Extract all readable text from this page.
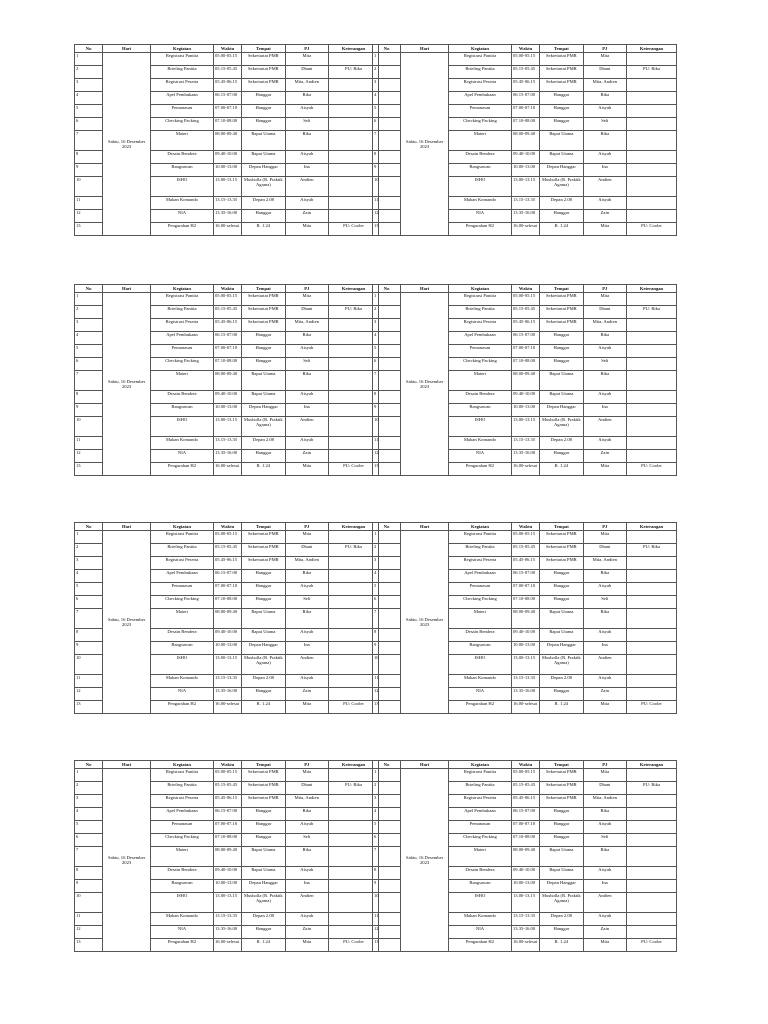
No	Hari	Kegiatan	Waktu	Tempat	PJ	Keterangan
1	Sabtu, 16 Desember 2023	Registrasi Panitia	05.00-05.15	Sekretariat PMR	Mita	
2		Briefing Panitia	05.15-05.45	Sekretariat PMR	Dhani	PU: Rika
3		Registrasi Peserta	05.45-06.15	Sekretariat PMR	Mita, Andien	
4		Apel Pembukaan	06.15-07.00	Hanggar	Rika	
5		Pemanasan	07.00-07.10	Hanggar	Aisyah	
6		Checking Packing	07.10-08.00	Hanggar	Seli	
7		Materi	08.00-09.40	Rapat Utama	Rika	
8		Desain Bendera	09.40-10.00	Rapat Utama	Aisyah	
9		Bangsawan	10.00-13.00	Depan Hanggar	Ina	
10		ISHO	13.00-13.15	Musholla (R. Praktik Agama)	Andien	
11		Makan Komando	13.15-13.35	Depan 2.08	Aisyah	
12		NIA	13.35-16.00	Hanggar	Zain	
13		Pengarahan H2	16.00-selesai	R. 1.24	Mita	PU: Cooler
No	Hari	Kegiatan	Waktu	Tempat	PJ	Keterangan
1	Sabtu, 16 Desember 2023	Registrasi Panitia	05.00-05.15	Sekretariat PMR	Mita	
2		Briefing Panitia	05.15-05.45	Sekretariat PMR	Dhani	PU: Rika
3		Registrasi Peserta	05.45-06.15	Sekretariat PMR	Mita, Andien	
4		Apel Pembukaan	06.15-07.00	Hanggar	Rika	
5		Pemanasan	07.00-07.10	Hanggar	Aisyah	
6		Checking Packing	07.10-08.00	Hanggar	Seli	
7		Materi	08.00-09.40	Rapat Utama	Rika	
8		Desain Bendera	09.40-10.00	Rapat Utama	Aisyah	
9		Bangsawan	10.00-13.00	Depan Hanggar	Ina	
10		ISHO	13.00-13.15	Musholla (R. Praktik Agama)	Andien	
11		Makan Komando	13.15-13.35	Depan 2.08	Aisyah	
12		NIA	13.35-16.00	Hanggar	Zain	
13		Pengarahan H2	16.00-selesai	R. 1.24	Mita	PU: Cooler
No	Hari	Kegiatan	Waktu	Tempat	PJ	Keterangan
1	Sabtu, 16 Desember 2023	Registrasi Panitia	05.00-05.15	Sekretariat PMR	Mita	
2		Briefing Panitia	05.15-05.45	Sekretariat PMR	Dhani	PU: Rika
3		Registrasi Peserta	05.45-06.15	Sekretariat PMR	Mita, Andien	
4		Apel Pembukaan	06.15-07.00	Hanggar	Rika	
5		Pemanasan	07.00-07.10	Hanggar	Aisyah	
6		Checking Packing	07.10-08.00	Hanggar	Seli	
7		Materi	08.00-09.40	Rapat Utama	Rika	
8		Desain Bendera	09.40-10.00	Rapat Utama	Aisyah	
9		Bangsawan	10.00-13.00	Depan Hanggar	Ina	
10		ISHO	13.00-13.15	Musholla (R. Praktik Agama)	Andien	
11		Makan Komando	13.15-13.35	Depan 2.08	Aisyah	
12		NIA	13.35-16.00	Hanggar	Zain	
13		Pengarahan H2	16.00-selesai	R. 1.24	Mita	PU: Cooler
No	Hari	Kegiatan	Waktu	Tempat	PJ	Keterangan
1	Sabtu, 16 Desember 2023	Registrasi Panitia	05.00-05.15	Sekretariat PMR	Mita	
2		Briefing Panitia	05.15-05.45	Sekretariat PMR	Dhani	PU: Rika
3		Registrasi Peserta	05.45-06.15	Sekretariat PMR	Mita, Andien	
4		Apel Pembukaan	06.15-07.00	Hanggar	Rika	
5		Pemanasan	07.00-07.10	Hanggar	Aisyah	
6		Checking Packing	07.10-08.00	Hanggar	Seli	
7		Materi	08.00-09.40	Rapat Utama	Rika	
8		Desain Bendera	09.40-10.00	Rapat Utama	Aisyah	
9		Bangsawan	10.00-13.00	Depan Hanggar	Ina	
10		ISHO	13.00-13.15	Musholla (R. Praktik Agama)	Andien	
11		Makan Komando	13.15-13.35	Depan 2.08	Aisyah	
12		NIA	13.35-16.00	Hanggar	Zain	
13		Pengarahan H2	16.00-selesai	R. 1.24	Mita	PU: Cooler
No	Hari	Kegiatan	Waktu	Tempat	PJ	Keterangan
1	Sabtu, 16 Desember 2023	Registrasi Panitia	05.00-05.15	Sekretariat PMR	Mita	
2		Briefing Panitia	05.15-05.45	Sekretariat PMR	Dhani	PU: Rika
3		Registrasi Peserta	05.45-06.15	Sekretariat PMR	Mita, Andien	
4		Apel Pembukaan	06.15-07.00	Hanggar	Rika	
5		Pemanasan	07.00-07.10	Hanggar	Aisyah	
6		Checking Packing	07.10-08.00	Hanggar	Seli	
7		Materi	08.00-09.40	Rapat Utama	Rika	
8		Desain Bendera	09.40-10.00	Rapat Utama	Aisyah	
9		Bangsawan	10.00-13.00	Depan Hanggar	Ina	
10		ISHO	13.00-13.15	Musholla (R. Praktik Agama)	Andien	
11		Makan Komando	13.15-13.35	Depan 2.08	Aisyah	
12		NIA	13.35-16.00	Hanggar	Zain	
13		Pengarahan H2	16.00-selesai	R. 1.24	Mita	PU: Cooler
No	Hari	Kegiatan	Waktu	Tempat	PJ	Keterangan
1	Sabtu, 16 Desember 2023	Registrasi Panitia	05.00-05.15	Sekretariat PMR	Mita	
2		Briefing Panitia	05.15-05.45	Sekretariat PMR	Dhani	PU: Rika
3		Registrasi Peserta	05.45-06.15	Sekretariat PMR	Mita, Andien	
4		Apel Pembukaan	06.15-07.00	Hanggar	Rika	
5		Pemanasan	07.00-07.10	Hanggar	Aisyah	
6		Checking Packing	07.10-08.00	Hanggar	Seli	
7		Materi	08.00-09.40	Rapat Utama	Rika	
8		Desain Bendera	09.40-10.00	Rapat Utama	Aisyah	
9		Bangsawan	10.00-13.00	Depan Hanggar	Ina	
10		ISHO	13.00-13.15	Musholla (R. Praktik Agama)	Andien	
11		Makan Komando	13.15-13.35	Depan 2.08	Aisyah	
12		NIA	13.35-16.00	Hanggar	Zain	
13		Pengarahan H2	16.00-selesai	R. 1.24	Mita	PU: Cooler
No	Hari	Kegiatan	Waktu	Tempat	PJ	Keterangan
1	Sabtu, 16 Desember 2023	Registrasi Panitia	05.00-05.15	Sekretariat PMR	Mita	
2		Briefing Panitia	05.15-05.45	Sekretariat PMR	Dhani	PU: Rika
3		Registrasi Peserta	05.45-06.15	Sekretariat PMR	Mita, Andien	
4		Apel Pembukaan	06.15-07.00	Hanggar	Rika	
5		Pemanasan	07.00-07.10	Hanggar	Aisyah	
6		Checking Packing	07.10-08.00	Hanggar	Seli	
7		Materi	08.00-09.40	Rapat Utama	Rika	
8		Desain Bendera	09.40-10.00	Rapat Utama	Aisyah	
9		Bangsawan	10.00-13.00	Depan Hanggar	Ina	
10		ISHO	13.00-13.15	Musholla (R. Praktik Agama)	Andien	
11		Makan Komando	13.15-13.35	Depan 2.08	Aisyah	
12		NIA	13.35-16.00	Hanggar	Zain	
13		Pengarahan H2	16.00-selesai	R. 1.24	Mita	PU: Cooler
No	Hari	Kegiatan	Waktu	Tempat	PJ	Keterangan
1	Sabtu, 16 Desember 2023	Registrasi Panitia	05.00-05.15	Sekretariat PMR	Mita	
2		Briefing Panitia	05.15-05.45	Sekretariat PMR	Dhani	PU: Rika
3		Registrasi Peserta	05.45-06.15	Sekretariat PMR	Mita, Andien	
4		Apel Pembukaan	06.15-07.00	Hanggar	Rika	
5		Pemanasan	07.00-07.10	Hanggar	Aisyah	
6		Checking Packing	07.10-08.00	Hanggar	Seli	
7		Materi	08.00-09.40	Rapat Utama	Rika	
8		Desain Bendera	09.40-10.00	Rapat Utama	Aisyah	
9		Bangsawan	10.00-13.00	Depan Hanggar	Ina	
10		ISHO	13.00-13.15	Musholla (R. Praktik Agama)	Andien	
11		Makan Komando	13.15-13.35	Depan 2.08	Aisyah	
12		NIA	13.35-16.00	Hanggar	Zain	
13		Pengarahan H2	16.00-selesai	R. 1.24	Mita	PU: Cooler
